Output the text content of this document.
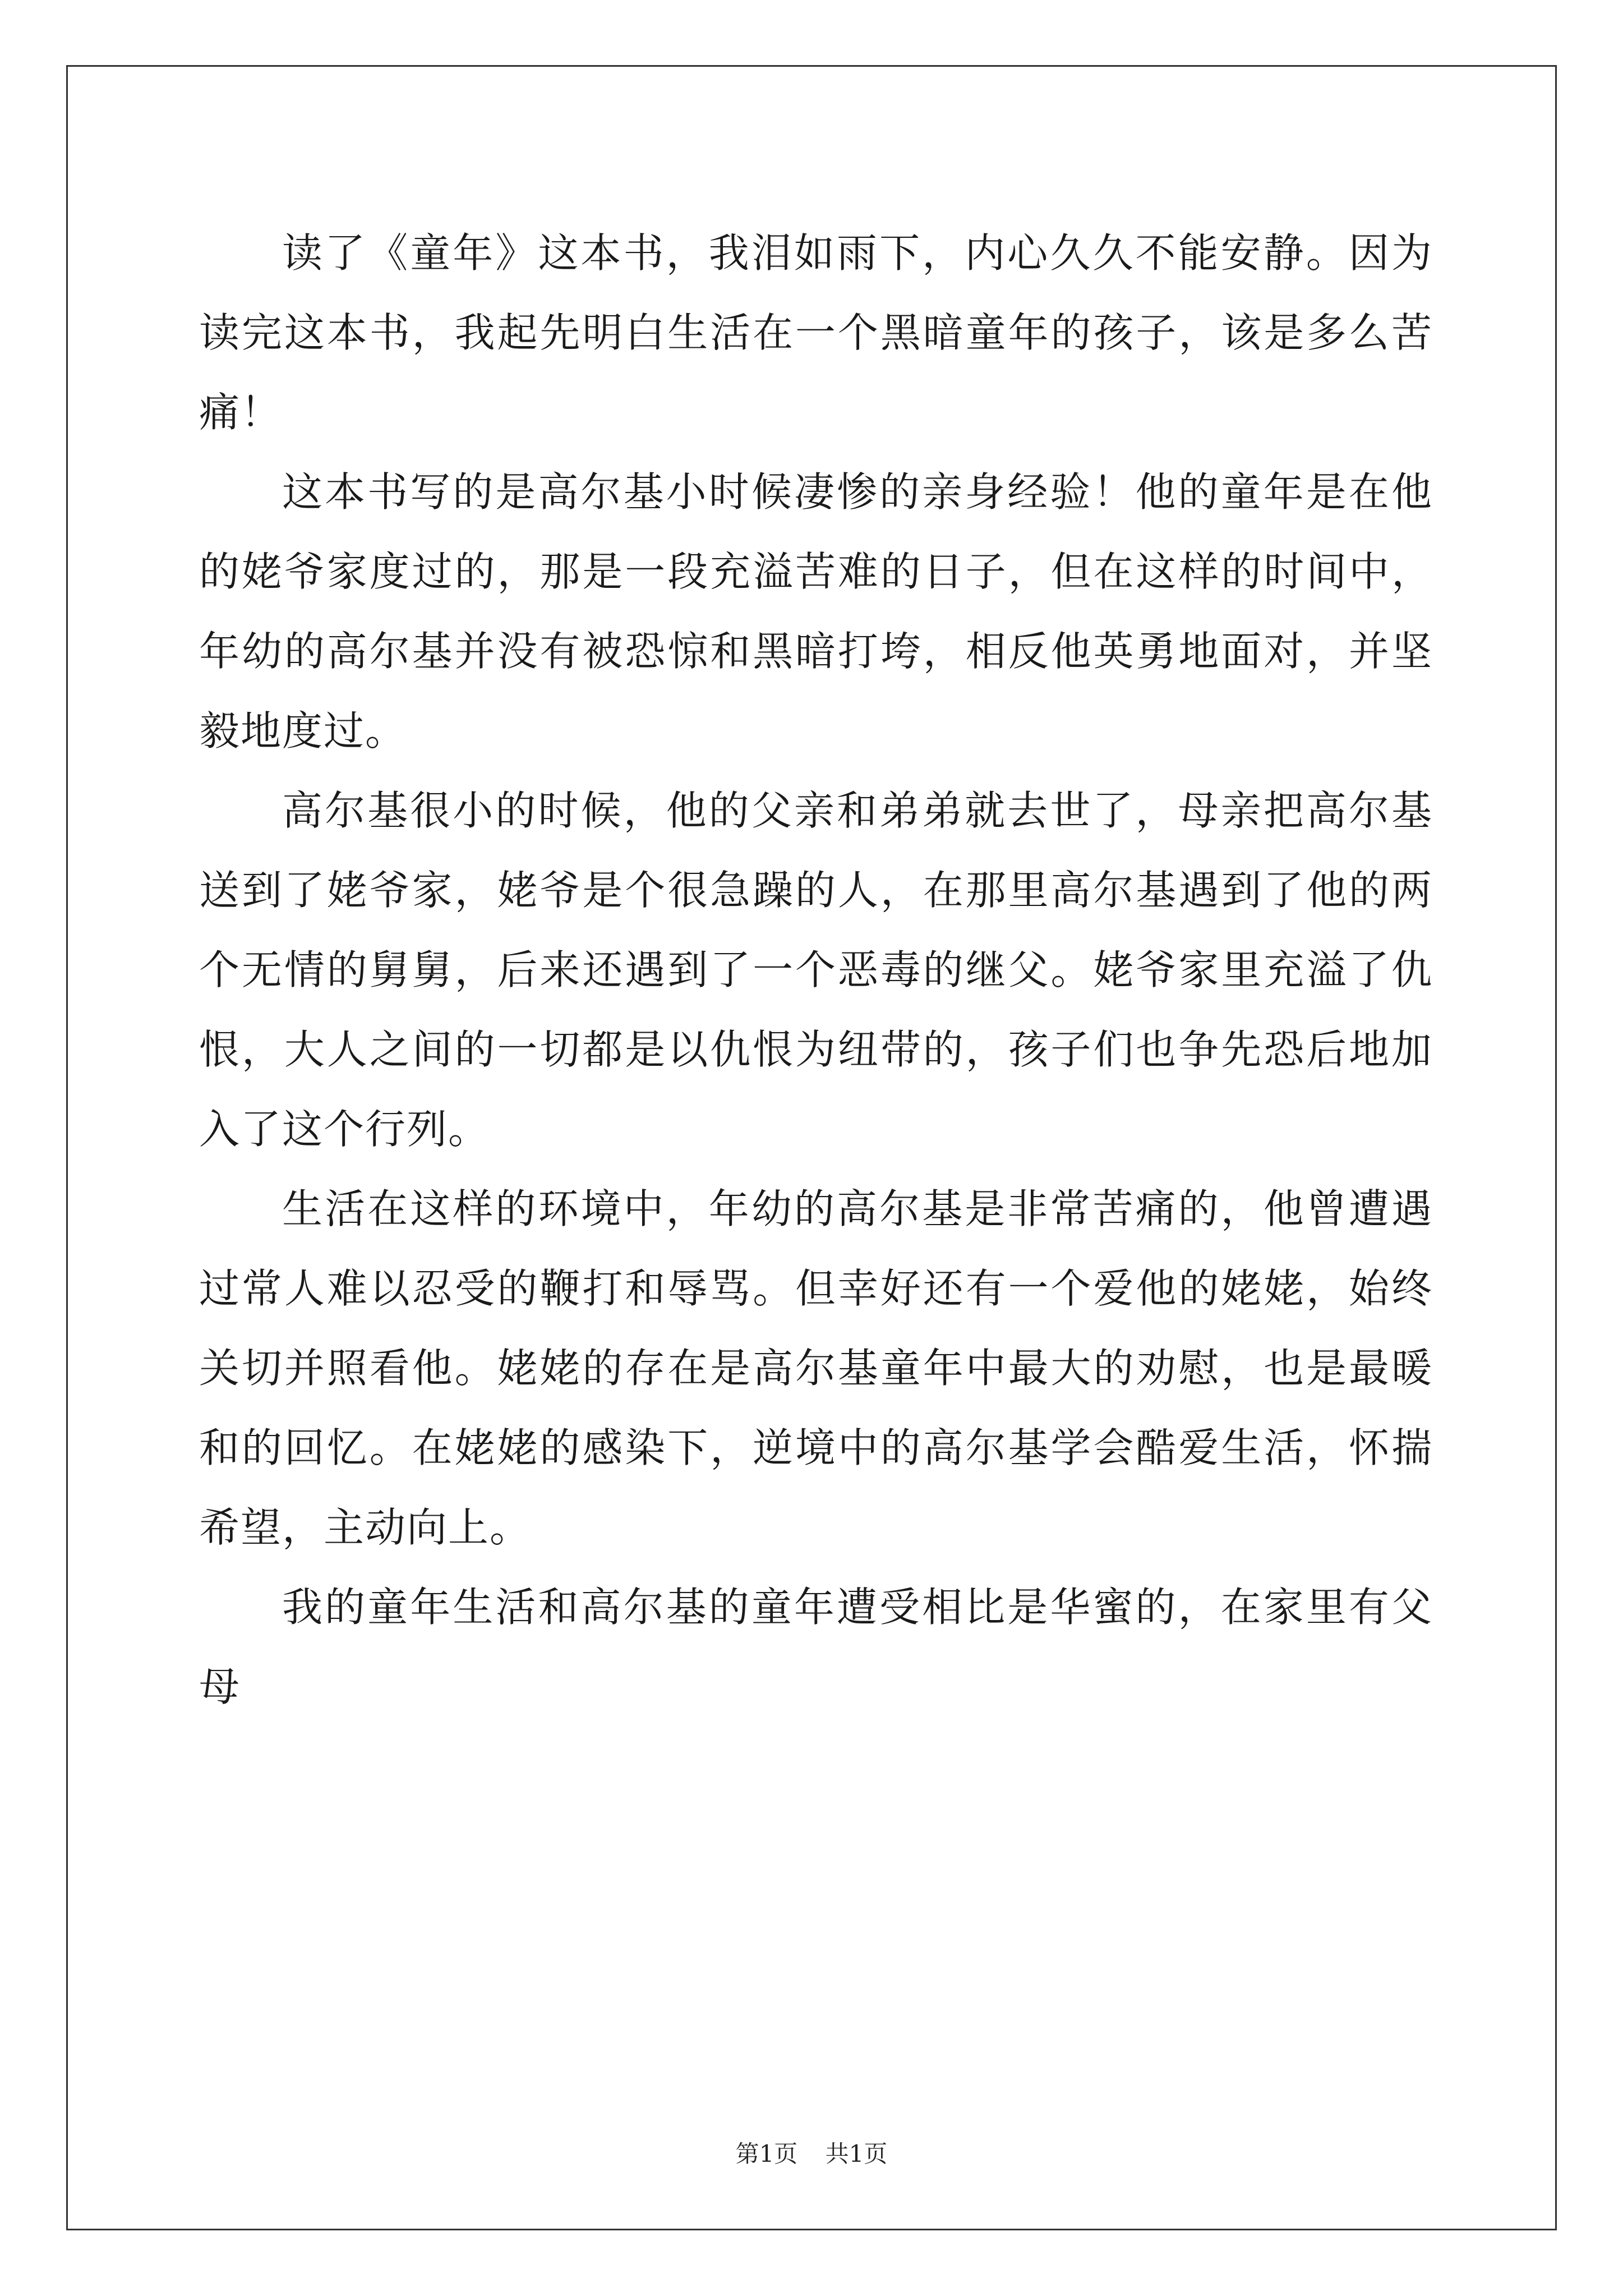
读了《童年》这本书，我泪如雨下，内心久久不能安静。因为读完这本书，我起先明白生活在一个黑暗童年的孩子，该是多么苦痛！

这本书写的是高尔基小时候凄惨的亲身经验！他的童年是在他的姥爷家度过的，那是一段充溢苦难的日子，但在这样的时间中，年幼的高尔基并没有被恐惊和黑暗打垮，相反他英勇地面对，并坚毅地度过。

高尔基很小的时候，他的父亲和弟弟就去世了，母亲把高尔基送到了姥爷家，姥爷是个很急躁的人，在那里高尔基遇到了他的两个无情的舅舅，后来还遇到了一个恶毒的继父。姥爷家里充溢了仇恨，大人之间的一切都是以仇恨为纽带的，孩子们也争先恐后地加入了这个行列。

生活在这样的环境中，年幼的高尔基是非常苦痛的，他曾遭遇过常人难以忍受的鞭打和辱骂。但幸好还有一个爱他的姥姥，始终关切并照看他。姥姥的存在是高尔基童年中最大的劝慰，也是最暖和的回忆。在姥姥的感染下，逆境中的高尔基学会酷爱生活，怀揣希望，主动向上。

我的童年生活和高尔基的童年遭受相比是华蜜的，在家里有父母

第1页 共1页
